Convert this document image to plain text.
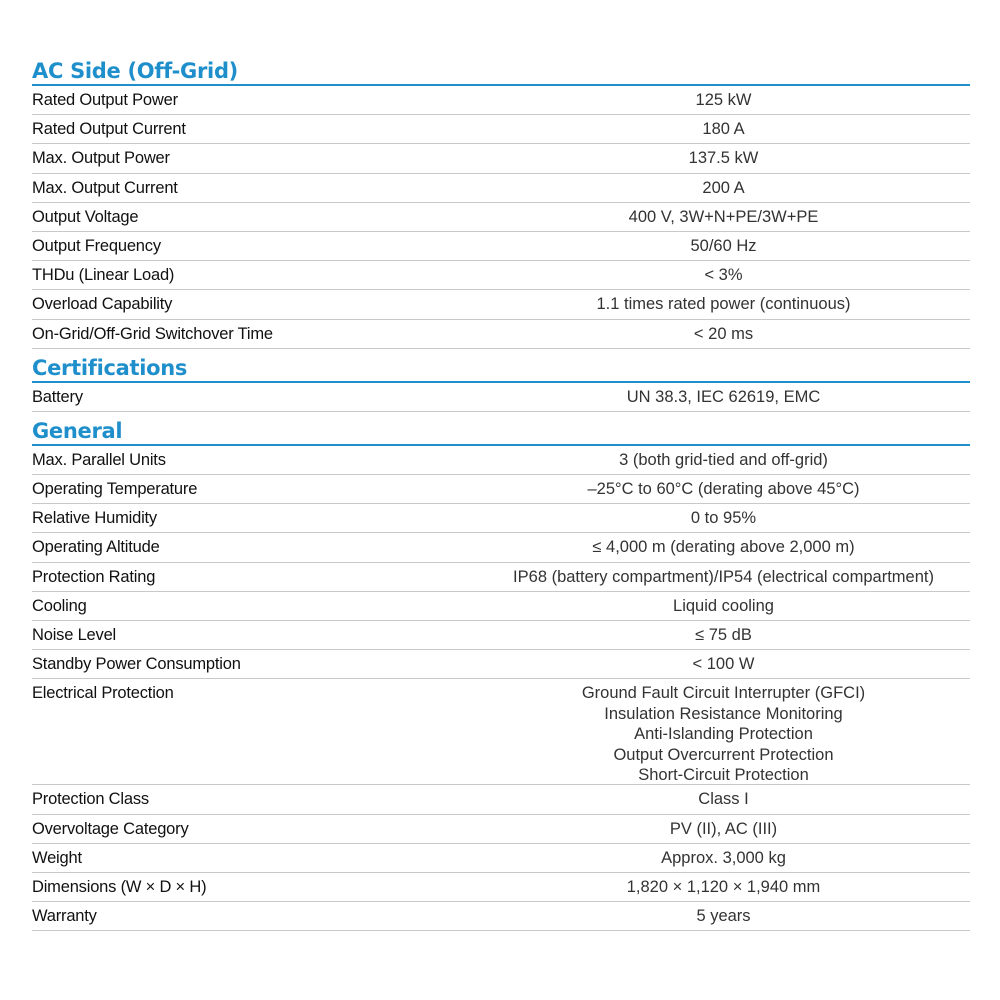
AC Side (Off-Grid)
Rated Output Power	125 kW
Rated Output Current	180 A
Max. Output Power	137.5 kW
Max. Output Current	200 A
Output Voltage	400 V, 3W+N+PE/3W+PE
Output Frequency	50/60 Hz
THDu (Linear Load)	< 3%
Overload Capability	1.1 times rated power (continuous)
On-Grid/Off-Grid Switchover Time	< 20 ms
Certifications
Battery	UN 38.3, IEC 62619, EMC
General
Max. Parallel Units	3 (both grid-tied and off-grid)
Operating Temperature	–25°C to 60°C (derating above 45°C)
Relative Humidity	0 to 95%
Operating Altitude	≤ 4,000 m (derating above 2,000 m)
Protection Rating	IP68 (battery compartment)/IP54 (electrical compartment)
Cooling	Liquid cooling
Noise Level	≤ 75 dB
Standby Power Consumption	< 100 W
Electrical Protection	Ground Fault Circuit Interrupter (GFCI)
Insulation Resistance Monitoring
Anti-Islanding Protection
Output Overcurrent Protection
Short-Circuit Protection
Protection Class	Class I
Overvoltage Category	PV (II), AC (III)
Weight	Approx. 3,000 kg
Dimensions (W × D × H)	1,820 × 1,120 × 1,940 mm
Warranty	5 years
